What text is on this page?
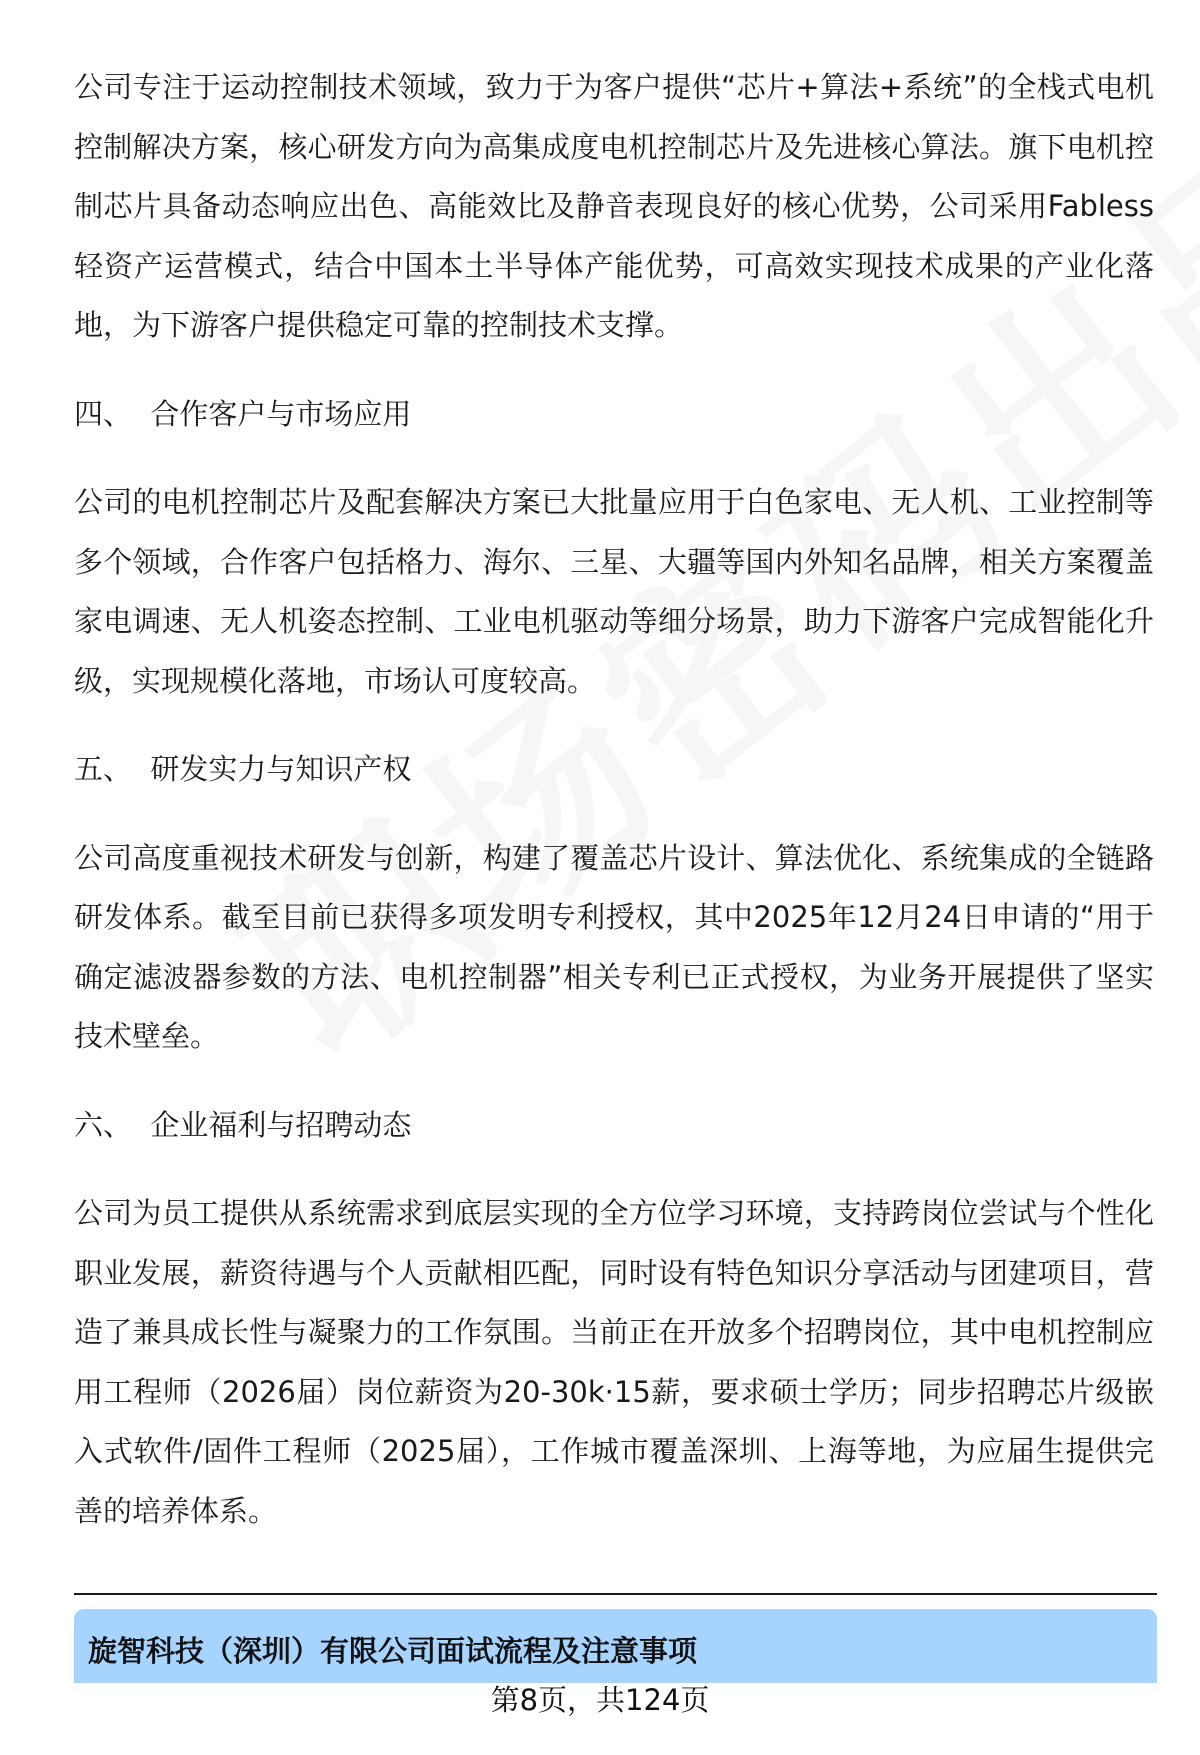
公司专注于运动控制技术领域，致力于为客户提供“芯片+算法+系统”的全栈式电机控制解决方案，核心研发方向为高集成度电机控制芯片及先进核心算法。旗下电机控制芯片具备动态响应出色、高能效比及静音表现良好的核心优势，公司采用Fabless轻资产运营模式，结合中国本土半导体产能优势，可高效实现技术成果的产业化落地，为下游客户提供稳定可靠的控制技术支撑。

四、  合作客户与市场应用

公司的电机控制芯片及配套解决方案已大批量应用于白色家电、无人机、工业控制等多个领域，合作客户包括格力、海尔、三星、大疆等国内外知名品牌，相关方案覆盖家电调速、无人机姿态控制、工业电机驱动等细分场景，助力下游客户完成智能化升级，实现规模化落地，市场认可度较高。

五、  研发实力与知识产权

公司高度重视技术研发与创新，构建了覆盖芯片设计、算法优化、系统集成的全链路研发体系。截至目前已获得多项发明专利授权，其中2025年12月24日申请的“用于确定滤波器参数的方法、电机控制器”相关专利已正式授权，为业务开展提供了坚实技术壁垒。

六、  企业福利与招聘动态

公司为员工提供从系统需求到底层实现的全方位学习环境，支持跨岗位尝试与个性化职业发展，薪资待遇与个人贡献相匹配，同时设有特色知识分享活动与团建项目，营造了兼具成长性与凝聚力的工作氛围。当前正在开放多个招聘岗位，其中电机控制应用工程师（2026届）岗位薪资为20-30k·15薪，要求硕士学历；同步招聘芯片级嵌入式软件/固件工程师（2025届），工作城市覆盖深圳、上海等地，为应届生提供完善的培养体系。

旋智科技（深圳）有限公司面试流程及注意事项
第8页，共124页
